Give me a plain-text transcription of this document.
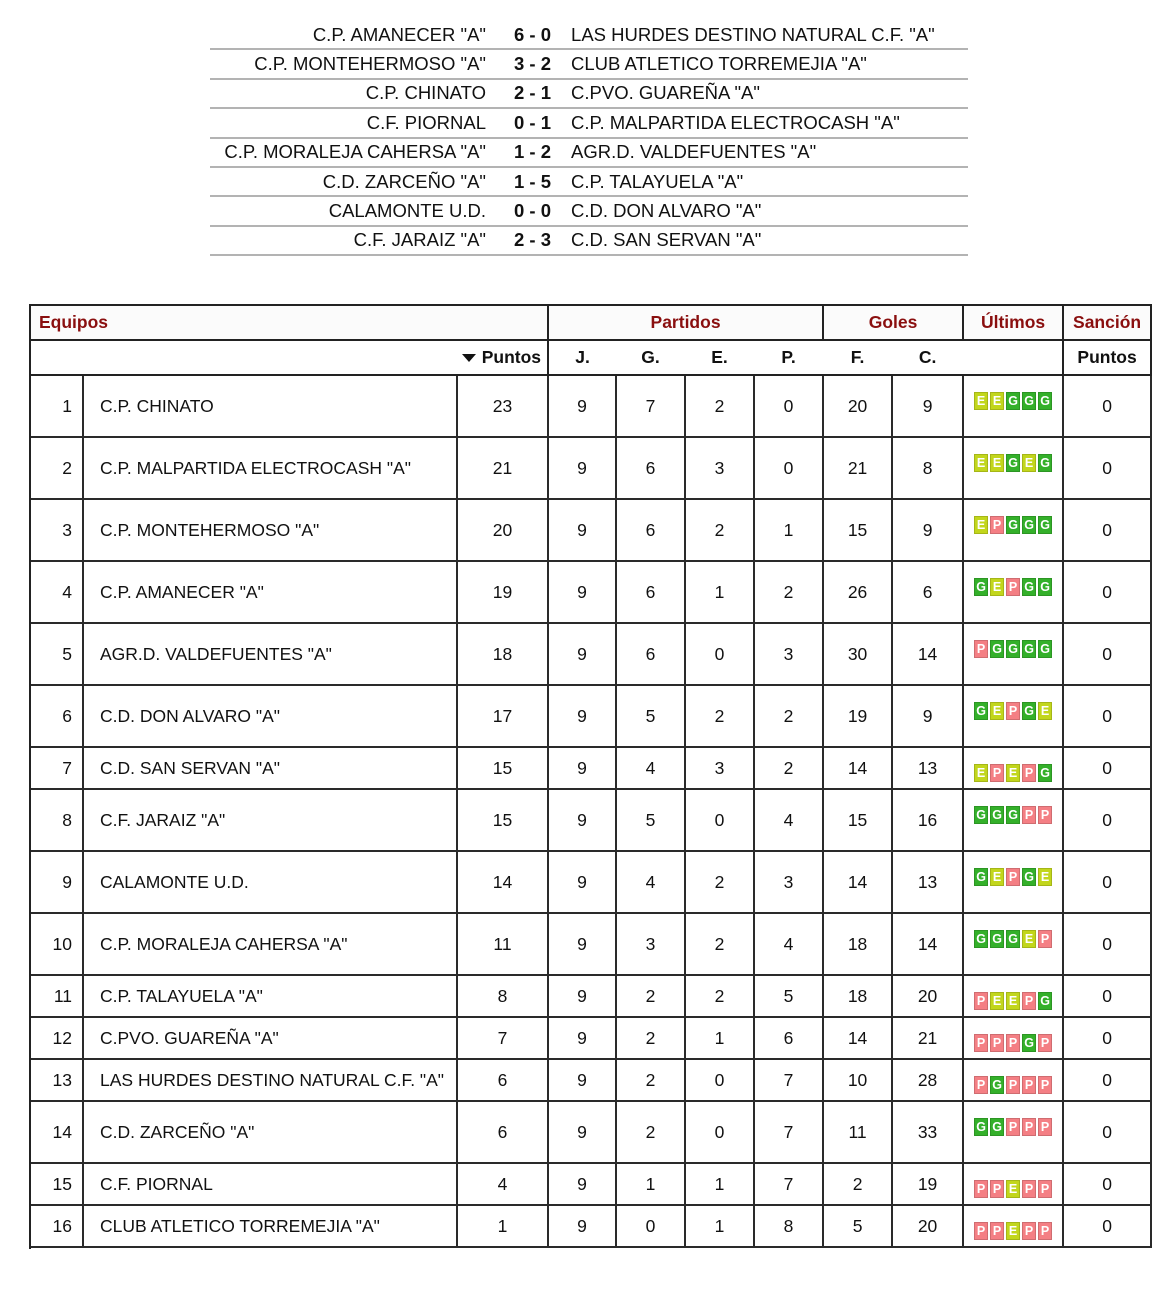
C.P. AMANECER "A" 6 - 0 LAS HURDES DESTINO NATURAL C.F. "A"
C.P. MONTEHERMOSO "A" 3 - 2 CLUB ATLETICO TORREMEJIA "A"
C.P. CHINATO 2 - 1 C.PVO. GUAREÑA "A"
C.F. PIORNAL 0 - 1 C.P. MALPARTIDA ELECTROCASH "A"
C.P. MORALEJA CAHERSA "A" 1 - 2 AGR.D. VALDEFUENTES "A"
C.D. ZARCEÑO "A" 1 - 5 C.P. TALAYUELA "A"
CALAMONTE U.D. 0 - 0 C.D. DON ALVARO "A"
C.F. JARAIZ "A" 2 - 3 C.D. SAN SERVAN "A"
Equipos			Partidos				Goles		Últimos	Sanción
Puntos			J.	G.	E.	P.	F.	C.		Puntos
1	C.P. CHINATO	23	9	7	2	0	20	9	E E G G G	0
2	C.P. MALPARTIDA ELECTROCASH "A"	21	9	6	3	0	21	8	E E G E G	0
3	C.P. MONTEHERMOSO "A"	20	9	6	2	1	15	9	E P G G G	0
4	C.P. AMANECER "A"	19	9	6	1	2	26	6	G E P G G	0
5	AGR.D. VALDEFUENTES "A"	18	9	6	0	3	30	14	P G G G G	0
6	C.D. DON ALVARO "A"	17	9	5	2	2	19	9	G E P G E	0
7	C.D. SAN SERVAN "A"	15	9	4	3	2	14	13	E P E P G	0
8	C.F. JARAIZ "A"	15	9	5	0	4	15	16	G G G P P	0
9	CALAMONTE U.D.	14	9	4	2	3	14	13	G E P G E	0
10	C.P. MORALEJA CAHERSA "A"	11	9	3	2	4	18	14	G G G E P	0
11	C.P. TALAYUELA "A"	8	9	2	2	5	18	20	P E E P G	0
12	C.PVO. GUAREÑA "A"	7	9	2	1	6	14	21	P P P G P	0
13	LAS HURDES DESTINO NATURAL C.F. "A"	6	9	2	0	7	10	28	P G P P P	0
14	C.D. ZARCEÑO "A"	6	9	2	0	7	11	33	G G P P P	0
15	C.F. PIORNAL	4	9	1	1	7	2	19	P P E P P	0
16	CLUB ATLETICO TORREMEJIA "A"	1	9	0	1	8	5	20	P P E P P	0
